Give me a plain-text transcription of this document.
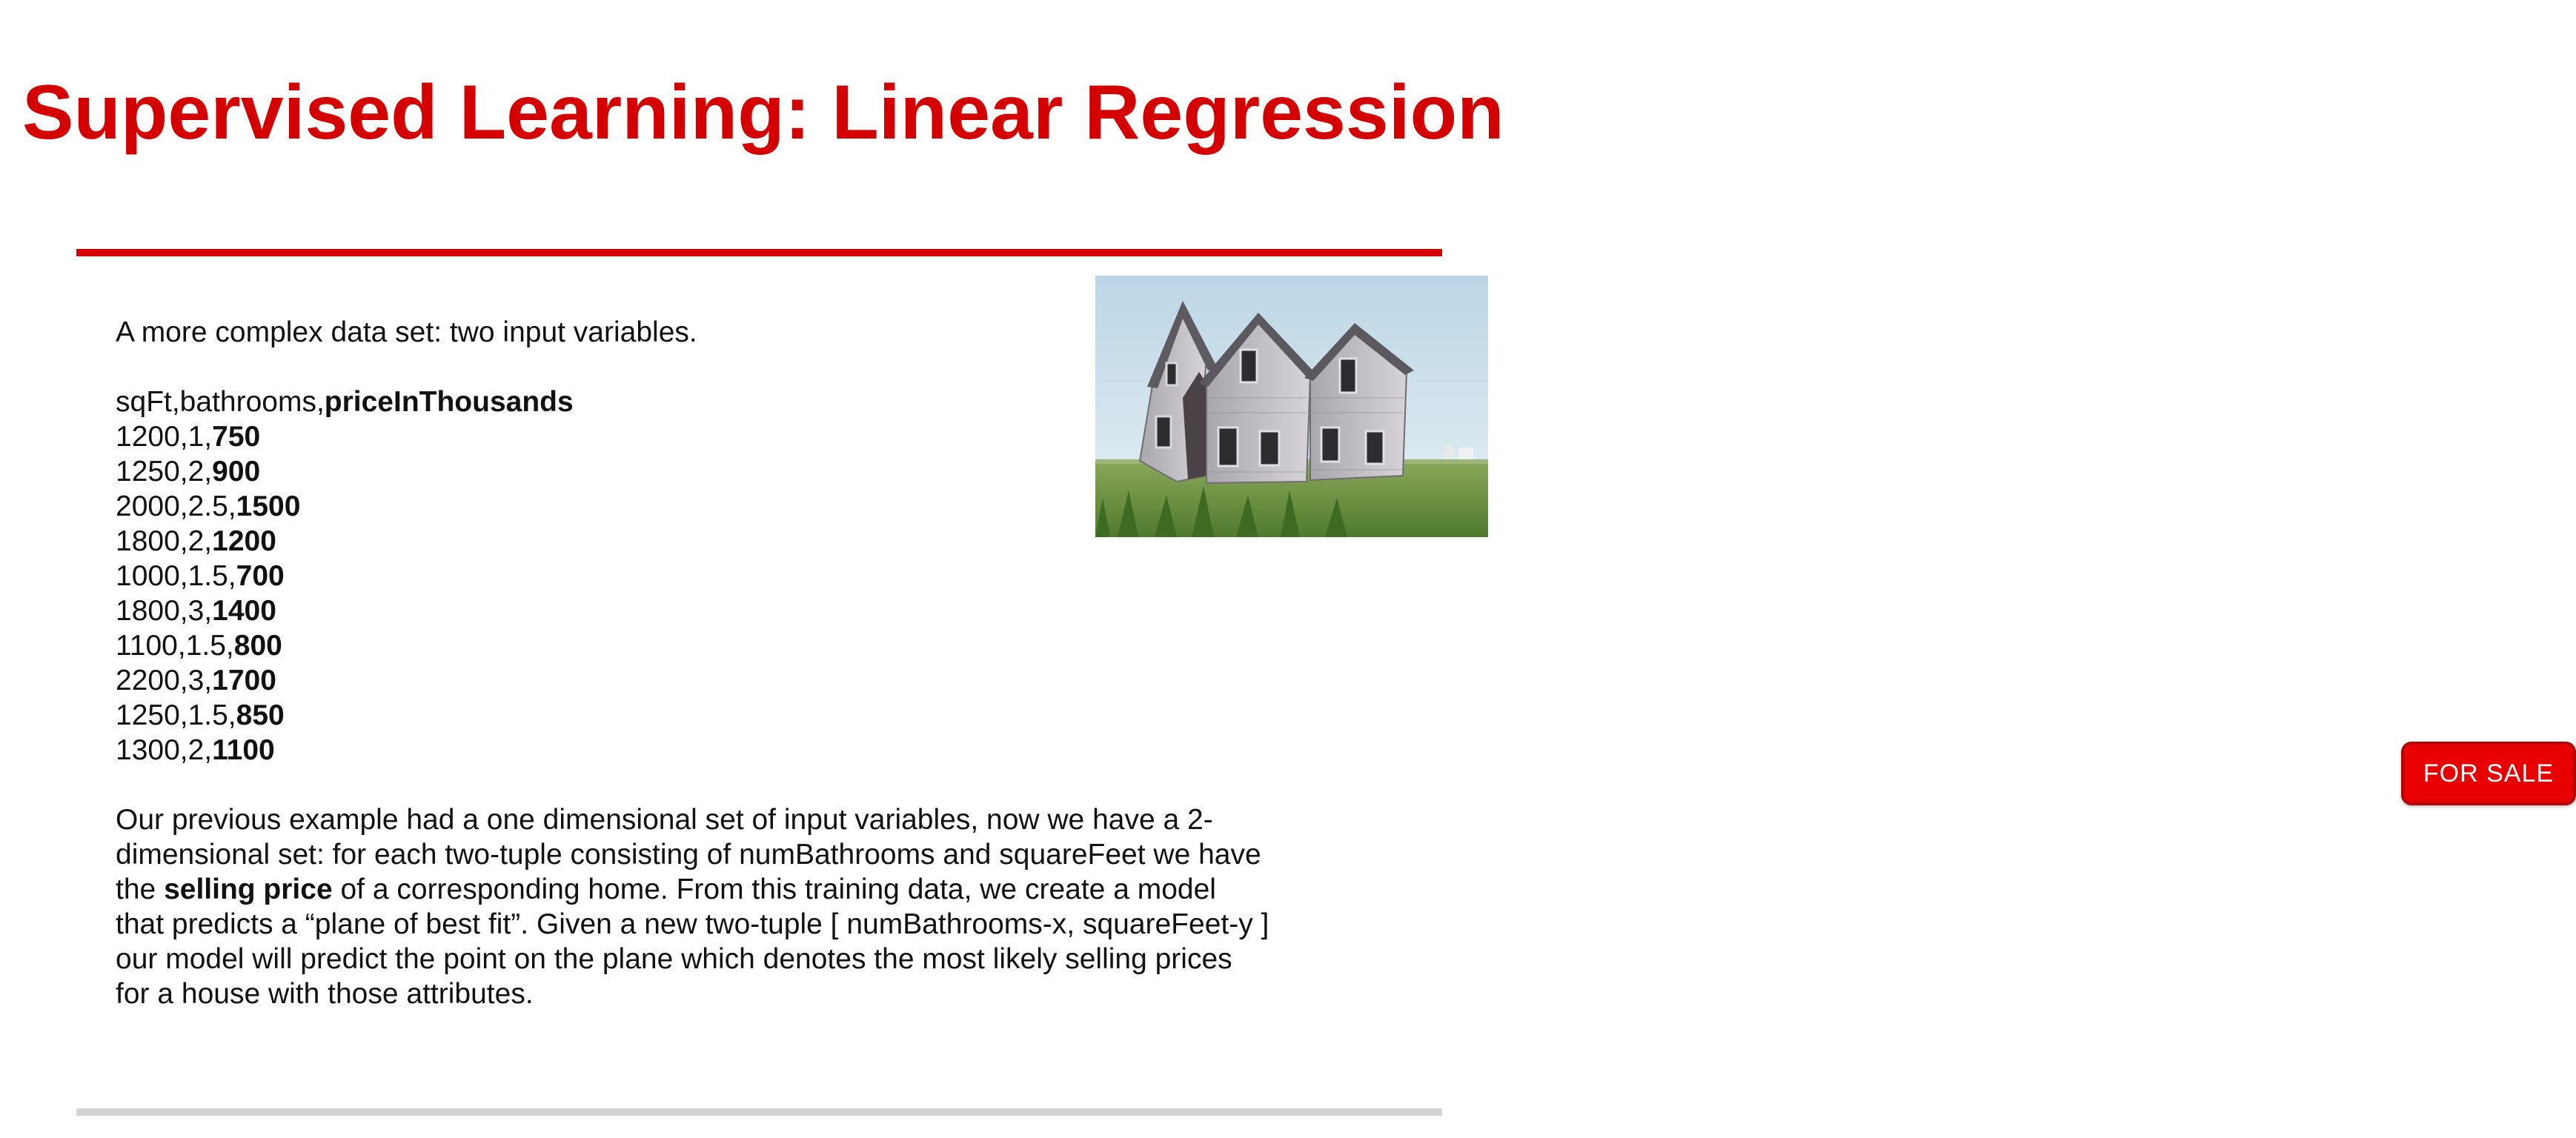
Supervised Learning: Linear Regression

A more complex data set: two input variables.

sqFt,bathrooms,priceInThousands
1200,1,750
1250,2,900
2000,2.5,1500
1800,2,1200
1000,1.5,700
1800,3,1400
1100,1.5,800
2200,3,1700
1250,1.5,850
1300,2,1100

Our previous example had a one dimensional set of input variables, now we have a 2-dimensional set: for each two-tuple consisting of numBathrooms and squareFeet we have the selling price of a corresponding home. From this training data, we create a model that predicts a “plane of best fit”. Given a new two-tuple [ numBathrooms-x, squareFeet-y ] our model will predict the point on the plane which denotes the most likely selling prices for a house with those attributes.

FOR SALE
